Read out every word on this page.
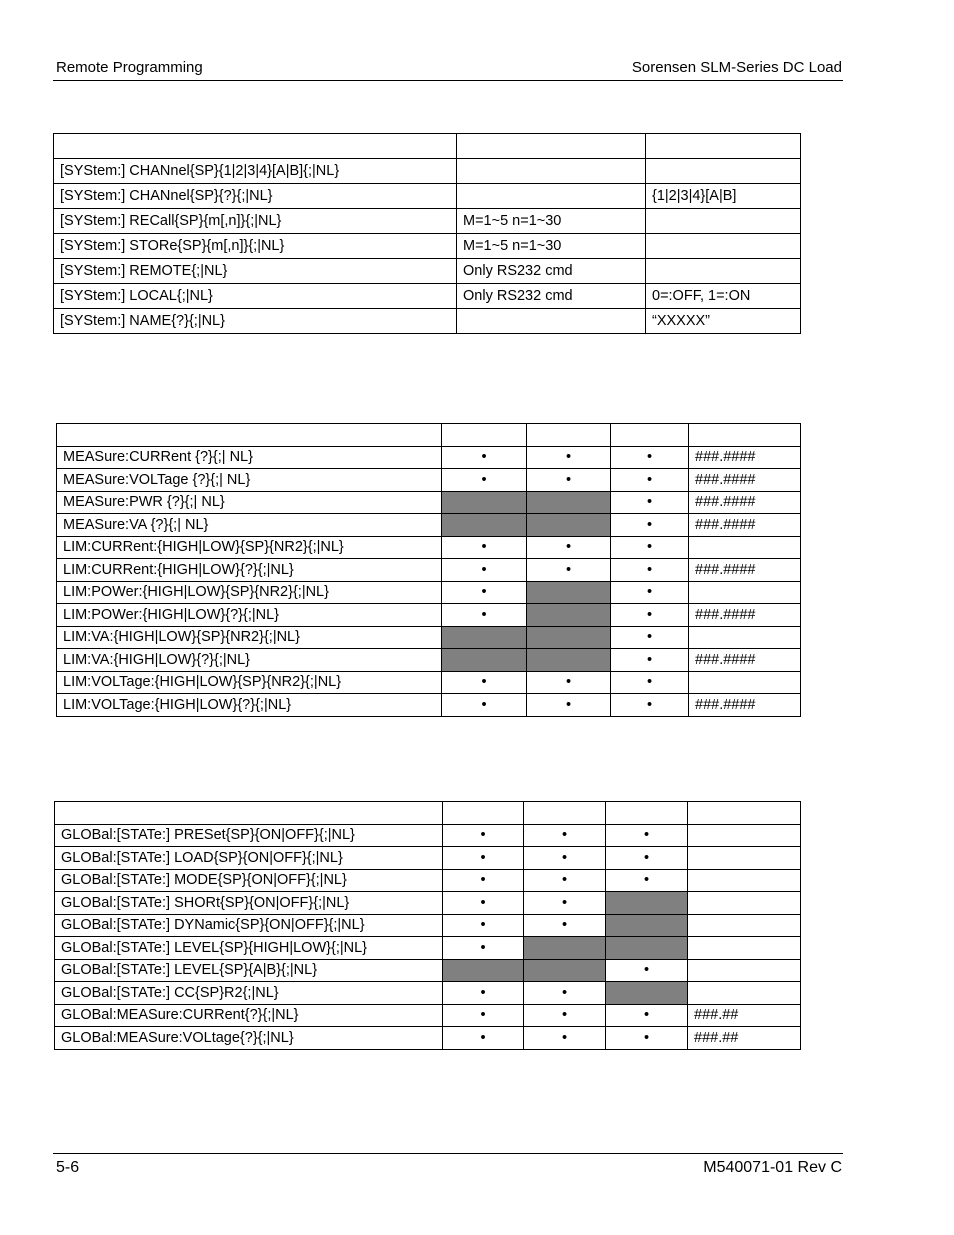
Remote Programming	Sorensen SLM-Series DC Load

[SYStem:] CHANnel{SP}{1|2|3|4}[A|B]{;|NL}		
[SYStem:] CHANnel{SP}{?}{;|NL}		{1|2|3|4}[A|B]
[SYStem:] RECall{SP}{m[,n]}{;|NL}	M=1~5 n=1~30	
[SYStem:] STORe{SP}{m[,n]}{;|NL}	M=1~5 n=1~30	
[SYStem:] REMOTE{;|NL}	Only RS232 cmd	
[SYStem:] LOCAL{;|NL}	Only RS232 cmd	0=:OFF, 1=:ON
[SYStem:] NAME{?}{;|NL}		“XXXXX”

MEASure:CURRent {?}{;| NL}	•	•	•	###.####
MEASure:VOLTage {?}{;| NL}	•	•	•	###.####
MEASure:PWR {?}{;| NL}			•	###.####
MEASure:VA {?}{;| NL}			•	###.####
LIM:CURRent:{HIGH|LOW}{SP}{NR2}{;|NL}	•	•	•	
LIM:CURRent:{HIGH|LOW}{?}{;|NL}	•	•	•	###.####
LIM:POWer:{HIGH|LOW}{SP}{NR2}{;|NL}	•		•	
LIM:POWer:{HIGH|LOW}{?}{;|NL}	•		•	###.####
LIM:VA:{HIGH|LOW}{SP}{NR2}{;|NL}			•	
LIM:VA:{HIGH|LOW}{?}{;|NL}			•	###.####
LIM:VOLTage:{HIGH|LOW}{SP}{NR2}{;|NL}	•	•	•	
LIM:VOLTage:{HIGH|LOW}{?}{;|NL}	•	•	•	###.####

GLOBal:[STATe:] PRESet{SP}{ON|OFF}{;|NL}	•	•	•	
GLOBal:[STATe:] LOAD{SP}{ON|OFF}{;|NL}	•	•	•	
GLOBal:[STATe:] MODE{SP}{ON|OFF}{;|NL}	•	•	•	
GLOBal:[STATe:] SHORt{SP}{ON|OFF}{;|NL}	•	•		
GLOBal:[STATe:] DYNamic{SP}{ON|OFF}{;|NL}	•	•		
GLOBal:[STATe:] LEVEL{SP}{HIGH|LOW}{;|NL}	•			
GLOBal:[STATe:] LEVEL{SP}{A|B}{;|NL}			•	
GLOBal:[STATe:] CC{SP}R2{;|NL}	•	•		
GLOBal:MEASure:CURRent{?}{;|NL}	•	•	•	###.##
GLOBal:MEASure:VOLtage{?}{;|NL}	•	•	•	###.##
5-6	M540071-01 Rev C
